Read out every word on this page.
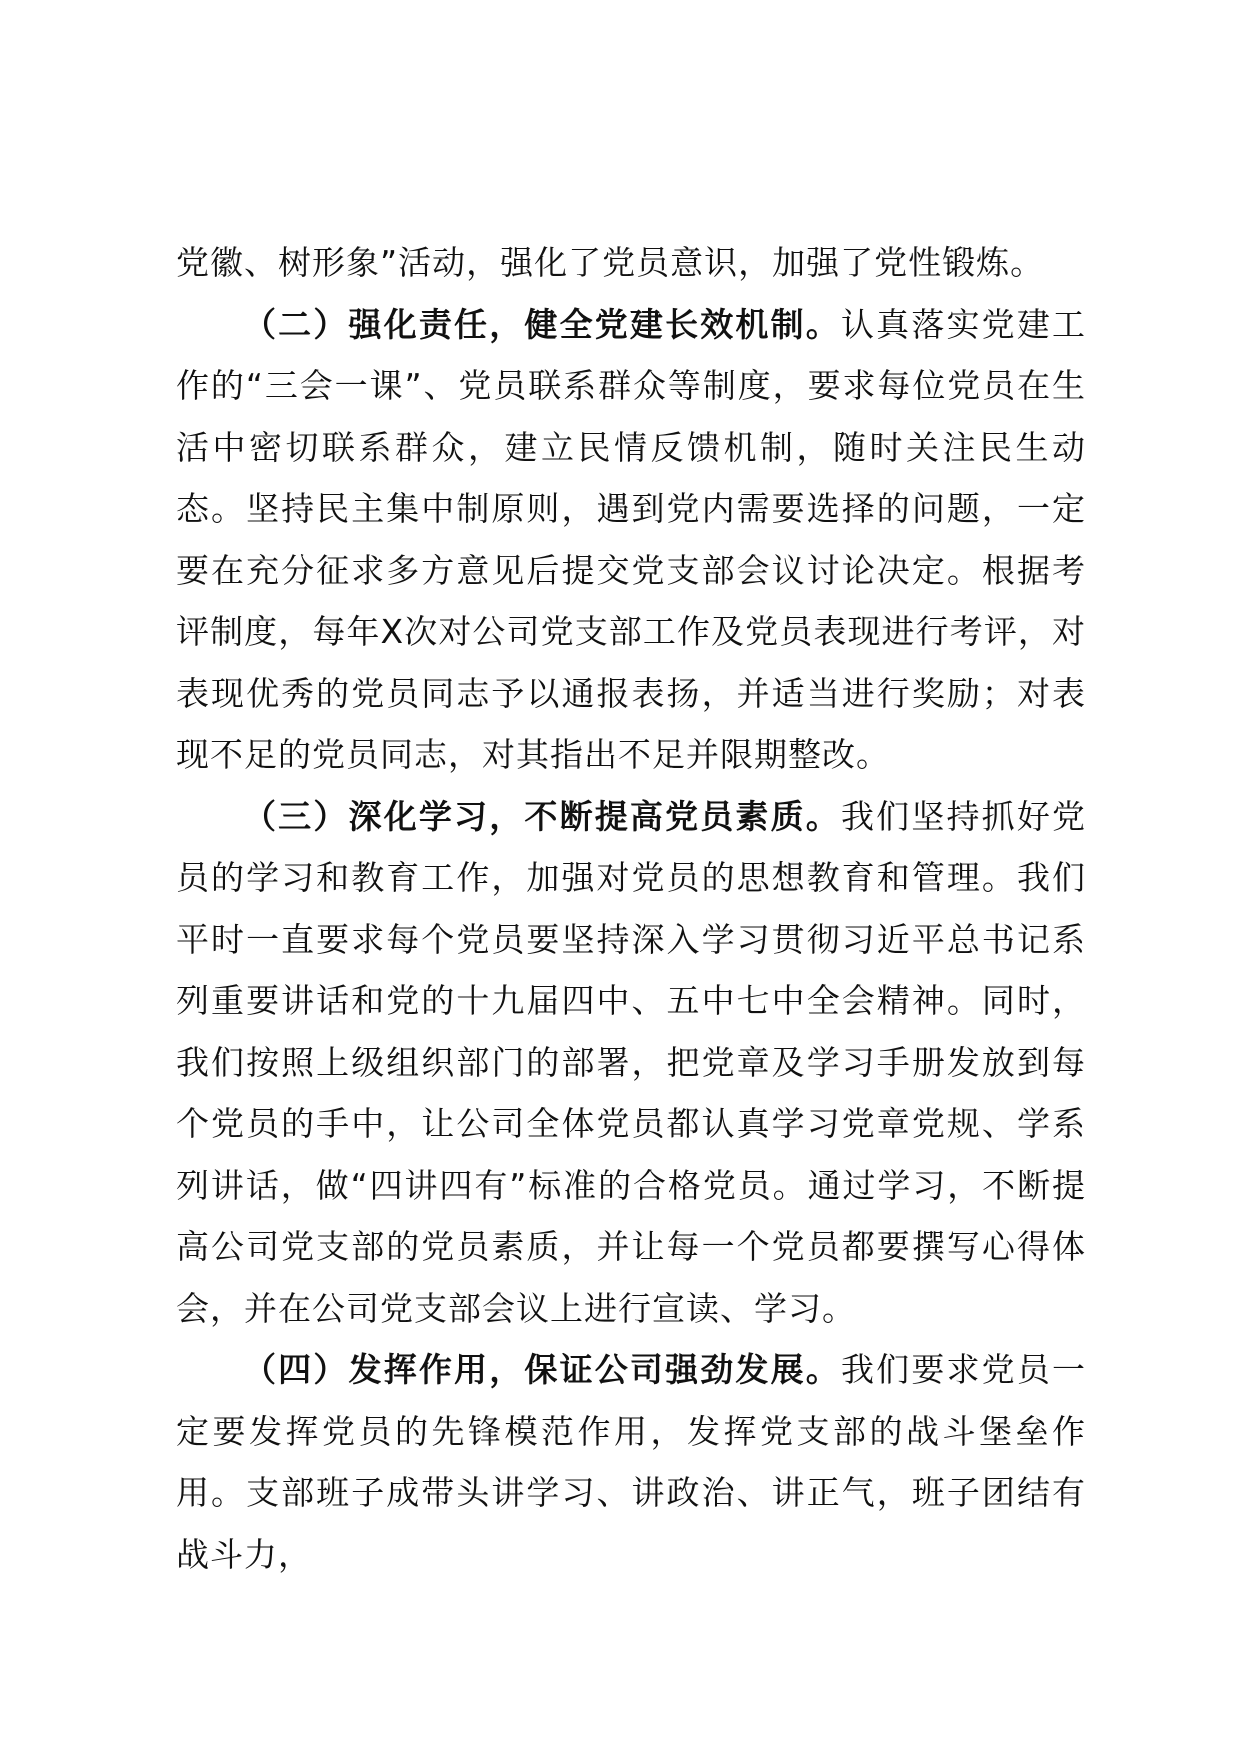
党徽、树形象”活动，强化了党员意识，加强了党性锻炼。

（二）强化责任，健全党建长效机制。认真落实党建工作的“三会一课”、党员联系群众等制度，要求每位党员在生活中密切联系群众，建立民情反馈机制，随时关注民生动态。坚持民主集中制原则，遇到党内需要选择的问题，一定要在充分征求多方意见后提交党支部会议讨论决定。根据考评制度，每年X次对公司党支部工作及党员表现进行考评，对表现优秀的党员同志予以通报表扬，并适当进行奖励；对表现不足的党员同志，对其指出不足并限期整改。

（三）深化学习，不断提高党员素质。我们坚持抓好党员的学习和教育工作，加强对党员的思想教育和管理。我们平时一直要求每个党员要坚持深入学习贯彻习近平总书记系列重要讲话和党的十九届四中、五中七中全会精神。同时，我们按照上级组织部门的部署，把党章及学习手册发放到每个党员的手中，让公司全体党员都认真学习党章党规、学系列讲话，做“四讲四有”标准的合格党员。通过学习，不断提高公司党支部的党员素质，并让每一个党员都要撰写心得体会，并在公司党支部会议上进行宣读、学习。

（四）发挥作用，保证公司强劲发展。我们要求党员一定要发挥党员的先锋模范作用，发挥党支部的战斗堡垒作用。支部班子成带头讲学习、讲政治、讲正气，班子团结有战斗力，
